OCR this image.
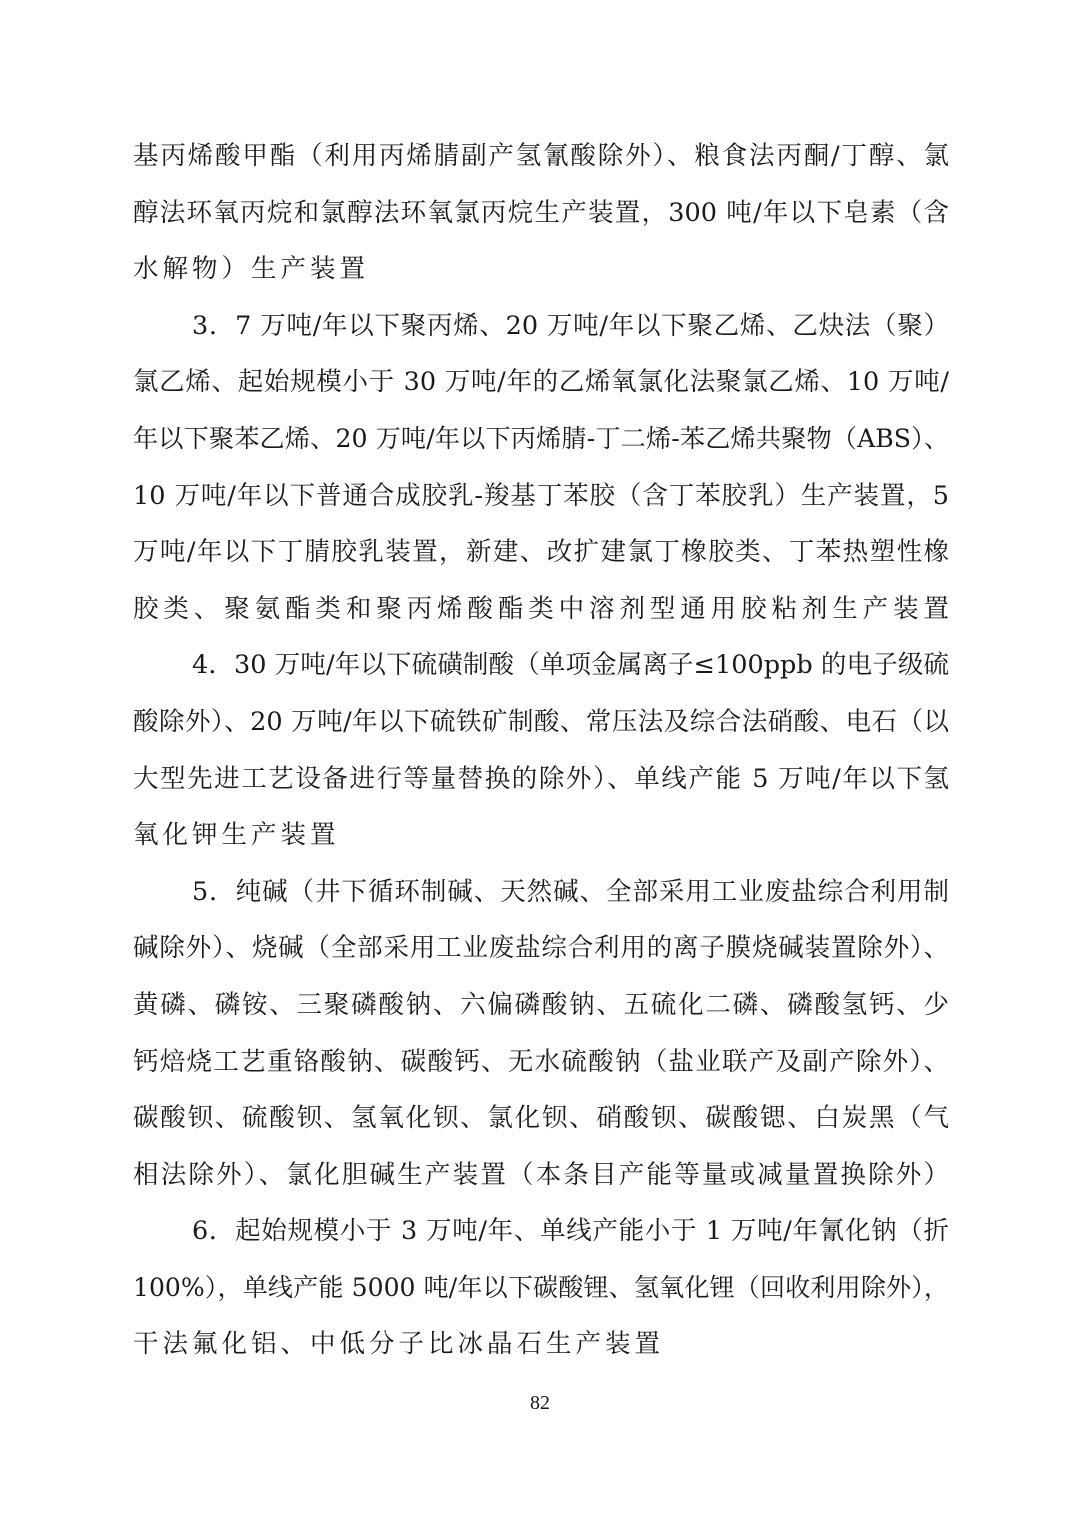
基丙烯酸甲酯（利用丙烯腈副产氢氰酸除外）、粮食法丙酮/丁醇、氯
醇法环氧丙烷和氯醇法环氧氯丙烷生产装置，300 吨/年以下皂素（含
水解物）生产装置
3．7 万吨/年以下聚丙烯、20 万吨/年以下聚乙烯、乙炔法（聚）
氯乙烯、起始规模小于 30 万吨/年的乙烯氧氯化法聚氯乙烯、10 万吨/
年以下聚苯乙烯、20 万吨/年以下丙烯腈-丁二烯-苯乙烯共聚物（ABS）、
10 万吨/年以下普通合成胶乳-羧基丁苯胶（含丁苯胶乳）生产装置，5
万吨/年以下丁腈胶乳装置，新建、改扩建氯丁橡胶类、丁苯热塑性橡
胶类、聚氨酯类和聚丙烯酸酯类中溶剂型通用胶粘剂生产装置
4．30 万吨/年以下硫磺制酸（单项金属离子≤100ppb 的电子级硫
酸除外）、20 万吨/年以下硫铁矿制酸、常压法及综合法硝酸、电石（以
大型先进工艺设备进行等量替换的除外）、单线产能 5 万吨/年以下氢
氧化钾生产装置
5．纯碱（井下循环制碱、天然碱、全部采用工业废盐综合利用制
碱除外）、烧碱（全部采用工业废盐综合利用的离子膜烧碱装置除外）、
黄磷、磷铵、三聚磷酸钠、六偏磷酸钠、五硫化二磷、磷酸氢钙、少
钙焙烧工艺重铬酸钠、碳酸钙、无水硫酸钠（盐业联产及副产除外）、
碳酸钡、硫酸钡、氢氧化钡、氯化钡、硝酸钡、碳酸锶、白炭黑（气
相法除外）、氯化胆碱生产装置（本条目产能等量或减量置换除外）
6．起始规模小于 3 万吨/年、单线产能小于 1 万吨/年氰化钠（折
100%），单线产能 5000 吨/年以下碳酸锂、氢氧化锂（回收利用除外），
干法氟化铝、中低分子比冰晶石生产装置
82
